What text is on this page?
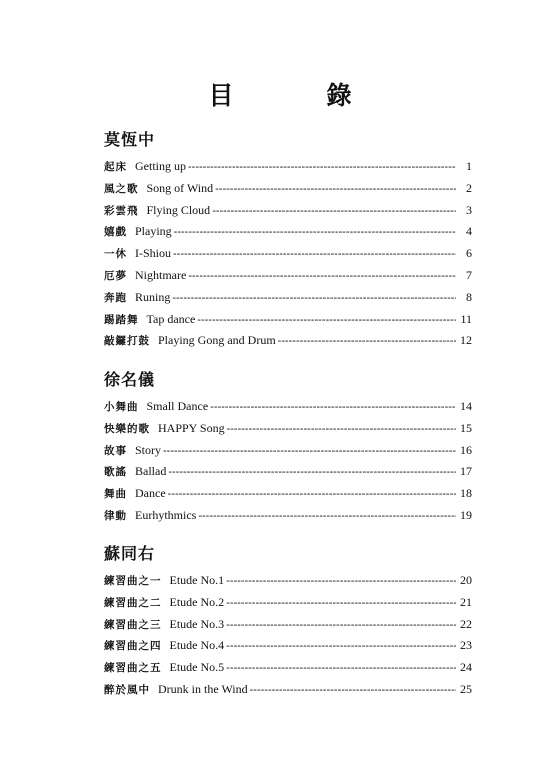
目　錄
莫恆中
起床 Getting up -----	1
風之歌 Song of Wind -----	2
彩雲飛 Flying Cloud -----	3
嬉戲 Playing -----	4
一休 I-Shiou -----	6
厄夢 Nightmare -----	7
奔跑 Runing -----	8
踢踏舞 Tap dance -----	11
敲鑼打鼓 Playing Gong and Drum -----	12
徐名儀
小舞曲 Small Dance -----	14
快樂的歌 HAPPY Song -----	15
故事 Story -----	16
歌謠 Ballad -----	17
舞曲 Dance -----	18
律動 Eurhythmics -----	19
蘇同右
練習曲之一 Etude No.1 -----	20
練習曲之二 Etude No.2 -----	21
練習曲之三 Etude No.3 -----	22
練習曲之四 Etude No.4 -----	23
練習曲之五 Etude No.5 -----	24
醉於風中 Drunk in the Wind -----	25
